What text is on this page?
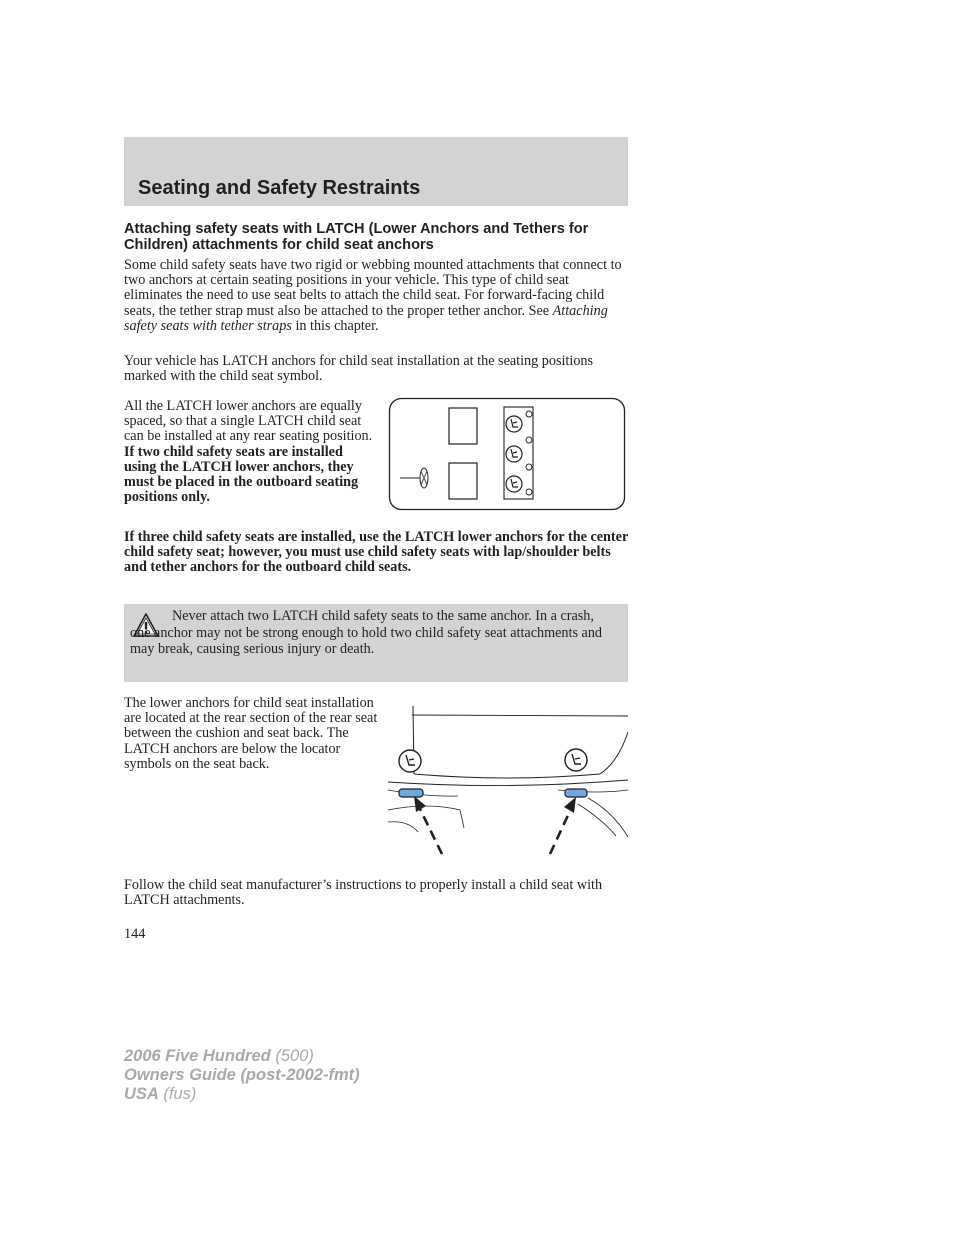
Seating and Safety Restraints
Attaching safety seats with LATCH (Lower Anchors and Tethers for Children) attachments for child seat anchors
Some child safety seats have two rigid or webbing mounted attachments that connect to two anchors at certain seating positions in your vehicle. This type of child seat eliminates the need to use seat belts to attach the child seat. For forward-facing child seats, the tether strap must also be attached to the proper tether anchor. See Attaching safety seats with tether straps in this chapter.
Your vehicle has LATCH anchors for child seat installation at the seating positions marked with the child seat symbol.
All the LATCH lower anchors are equally spaced, so that a single LATCH child seat can be installed at any rear seating position. If two child safety seats are installed using the LATCH lower anchors, they must be placed in the outboard seating positions only.
If three child safety seats are installed, use the LATCH lower anchors for the center child safety seat; however, you must use child safety seats with lap/shoulder belts and tether anchors for the outboard child seats.
Never attach two LATCH child safety seats to the same anchor. In a crash, one anchor may not be strong enough to hold two child safety seat attachments and may break, causing serious injury or death.
The lower anchors for child seat installation are located at the rear section of the rear seat between the cushion and seat back. The LATCH anchors are below the locator symbols on the seat back.
Follow the child seat manufacturer’s instructions to properly install a child seat with LATCH attachments.
144
2006 Five Hundred (500)
Owners Guide (post-2002-fmt)
USA (fus)
